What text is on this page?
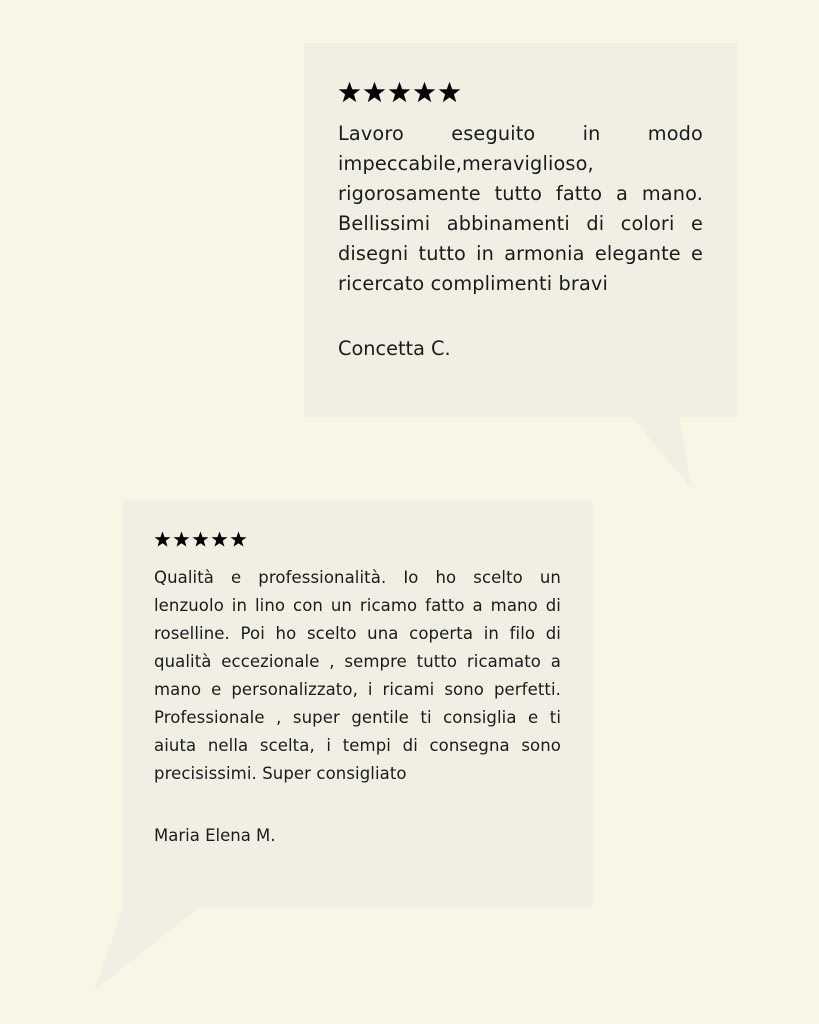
Lavoro eseguito in modo impeccabile,meraviglioso, rigorosamente tutto fatto a mano. Bellissimi abbinamenti di colori e disegni tutto in armonia elegante e ricercato complimenti bravi

Concetta C.

Qualità e professionalità. Io ho scelto un lenzuolo in lino con un ricamo fatto a mano di roselline. Poi ho scelto una coperta in filo di qualità eccezionale , sempre tutto ricamato a mano e personalizzato, i ricami sono perfetti. Professionale , super gentile ti consiglia e ti aiuta nella scelta, i tempi di consegna sono precisissimi. Super consigliato

Maria Elena M.
